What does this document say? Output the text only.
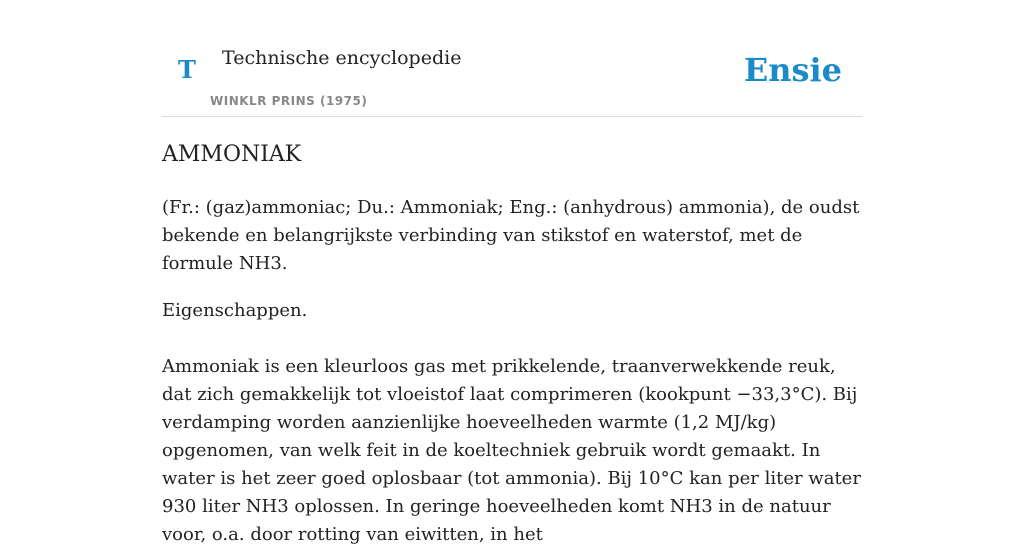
T Technische encyclopedie
WINKLR PRINS (1975)
Ensie
AMMONIAK

(Fr.: (gaz)ammoniac; Du.: Ammoniak; Eng.: (anhydrous) ammonia), de oudst bekende en belangrijkste verbinding van stikstof en waterstof, met de formule NH3.

Eigenschappen.

Ammoniak is een kleurloos gas met prikkelende, traanverwekkende reuk, dat zich gemakkelijk tot vloeistof laat comprimeren (kookpunt −33,3°C). Bij verdamping worden aanzienlijke hoeveelheden warmte (1,2 MJ/kg) opgenomen, van welk feit in de koeltechniek gebruik wordt gemaakt. In water is het zeer goed oplosbaar (tot ammonia). Bij 10°C kan per liter water 930 liter NH3 oplossen. In geringe hoeveelheden komt NH3 in de natuur voor, o.a. door rotting van eiwitten, in het
